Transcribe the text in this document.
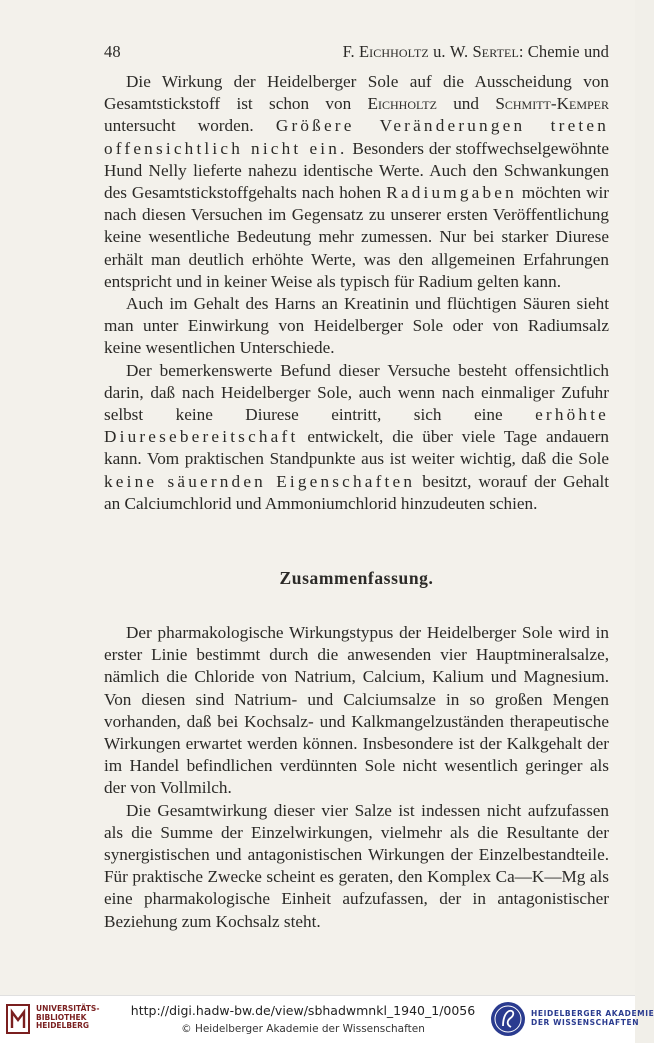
48	F. Eichholtz u. W. Sertel: Chemie und

Die Wirkung der Heidelberger Sole auf die Ausscheidung von Gesamtstickstoff ist schon von Eichholtz und Schmitt-Kemper untersucht worden. Größere Veränderungen treten offensichtlich nicht ein. Besonders der stoffwechselgewöhnte Hund Nelly lieferte nahezu identische Werte. Auch den Schwankungen des Gesamtstickstoffgehalts nach hohen Radiumgaben möchten wir nach diesen Versuchen im Gegensatz zu unserer ersten Veröffentlichung keine wesentliche Bedeutung mehr zumessen. Nur bei starker Diurese erhält man deutlich erhöhte Werte, was den allgemeinen Erfahrungen entspricht und in keiner Weise als typisch für Radium gelten kann.

Auch im Gehalt des Harns an Kreatinin und flüchtigen Säuren sieht man unter Einwirkung von Heidelberger Sole oder von Radiumsalz keine wesentlichen Unterschiede.

Der bemerkenswerte Befund dieser Versuche besteht offensichtlich darin, daß nach Heidelberger Sole, auch wenn nach einmaliger Zufuhr selbst keine Diurese eintritt, sich eine erhöhte Diuresebereitschaft entwickelt, die über viele Tage andauern kann. Vom praktischen Standpunkte aus ist weiter wichtig, daß die Sole keine säuernden Eigenschaften besitzt, worauf der Gehalt an Calciumchlorid und Ammoniumchlorid hinzudeuten schien.

Zusammenfassung.

Der pharmakologische Wirkungstypus der Heidelberger Sole wird in erster Linie bestimmt durch die anwesenden vier Hauptmineralsalze, nämlich die Chloride von Natrium, Calcium, Kalium und Magnesium. Von diesen sind Natrium- und Calciumsalze in so großen Mengen vorhanden, daß bei Kochsalz- und Kalkmangelzuständen therapeutische Wirkungen erwartet werden können. Insbesondere ist der Kalkgehalt der im Handel befindlichen verdünnten Sole nicht wesentlich geringer als der von Vollmilch.

Die Gesamtwirkung dieser vier Salze ist indessen nicht aufzufassen als die Summe der Einzelwirkungen, vielmehr als die Resultante der synergistischen und antagonistischen Wirkungen der Einzelbestandteile. Für praktische Zwecke scheint es geraten, den Komplex Ca—K—Mg als eine pharmakologische Einheit aufzufassen, der in antagonistischer Beziehung zum Kochsalz steht.

UNIVERSITÄTS-
BIBLIOTHEK
HEIDELBERG
http://digi.hadw-bw.de/view/sbhadwmnkl_1940_1/0056
© Heidelberger Akademie der Wissenschaften
HEIDELBERGER AKADEMIE
DER WISSENSCHAFTEN
